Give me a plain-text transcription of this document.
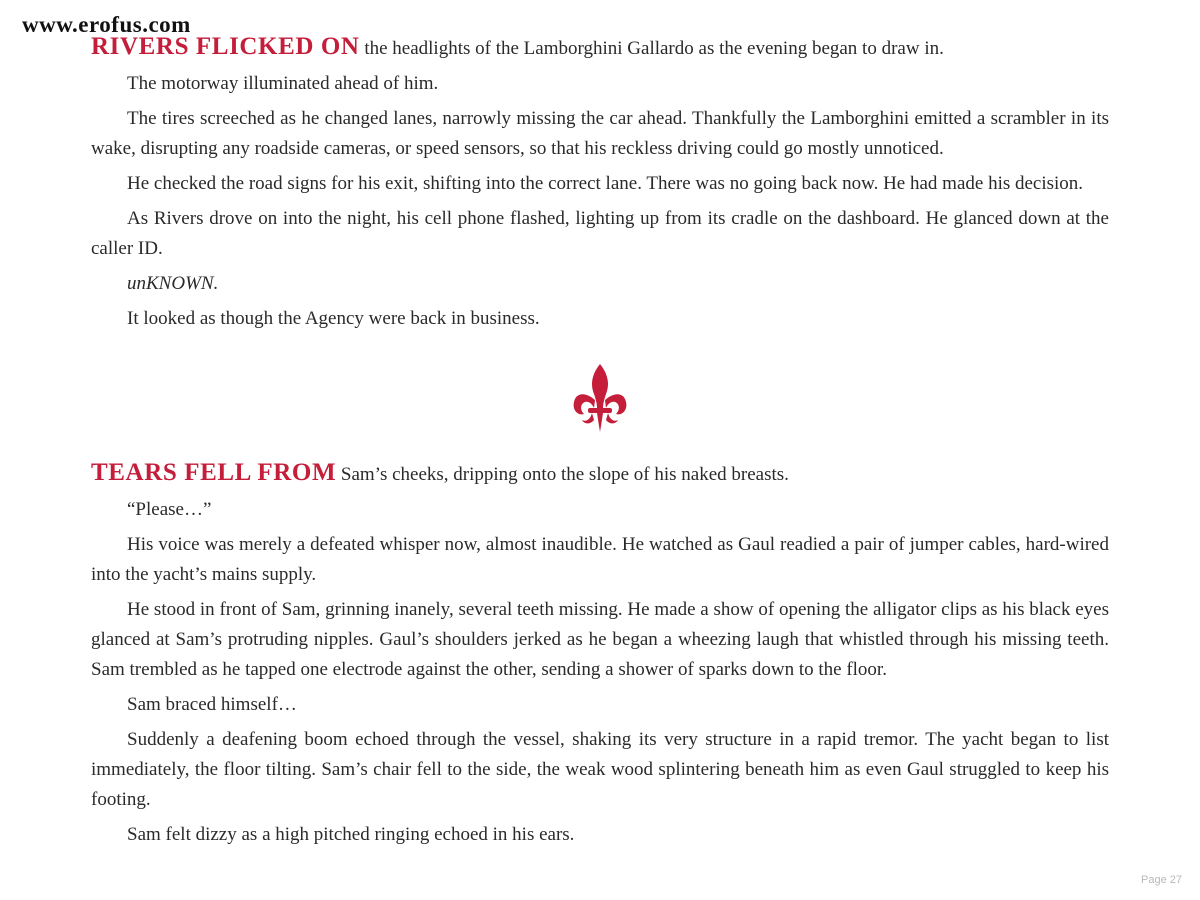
www.erofus.com

RIVERS FLICKED ON the headlights of the Lamborghini Gallardo as the evening began to draw in.

The motorway illuminated ahead of him.

The tires screeched as he changed lanes, narrowly missing the car ahead. Thankfully the Lamborghini emitted a scrambler in its wake, disrupting any roadside cameras, or speed sensors, so that his reckless driving could go mostly unnoticed.

He checked the road signs for his exit, shifting into the correct lane. There was no going back now. He had made his decision.

As Rivers drove on into the night, his cell phone flashed, lighting up from its cradle on the dashboard. He glanced down at the caller ID.

unKNOWN.

It looked as though the Agency were back in business.

TEARS FELL FROM Sam’s cheeks, dripping onto the slope of his naked breasts.

“Please…”

His voice was merely a defeated whisper now, almost inaudible. He watched as Gaul readied a pair of jumper cables, hard-wired into the yacht’s mains supply.

He stood in front of Sam, grinning inanely, several teeth missing. He made a show of opening the alligator clips as his black eyes glanced at Sam’s protruding nipples. Gaul’s shoulders jerked as he began a wheezing laugh that whistled through his missing teeth. Sam trembled as he tapped one electrode against the other, sending a shower of sparks down to the floor.

Sam braced himself…

Suddenly a deafening boom echoed through the vessel, shaking its very structure in a rapid tremor. The yacht began to list immediately, the floor tilting. Sam’s chair fell to the side, the weak wood splintering beneath him as even Gaul struggled to keep his footing.

Sam felt dizzy as a high pitched ringing echoed in his ears.

Page 27
